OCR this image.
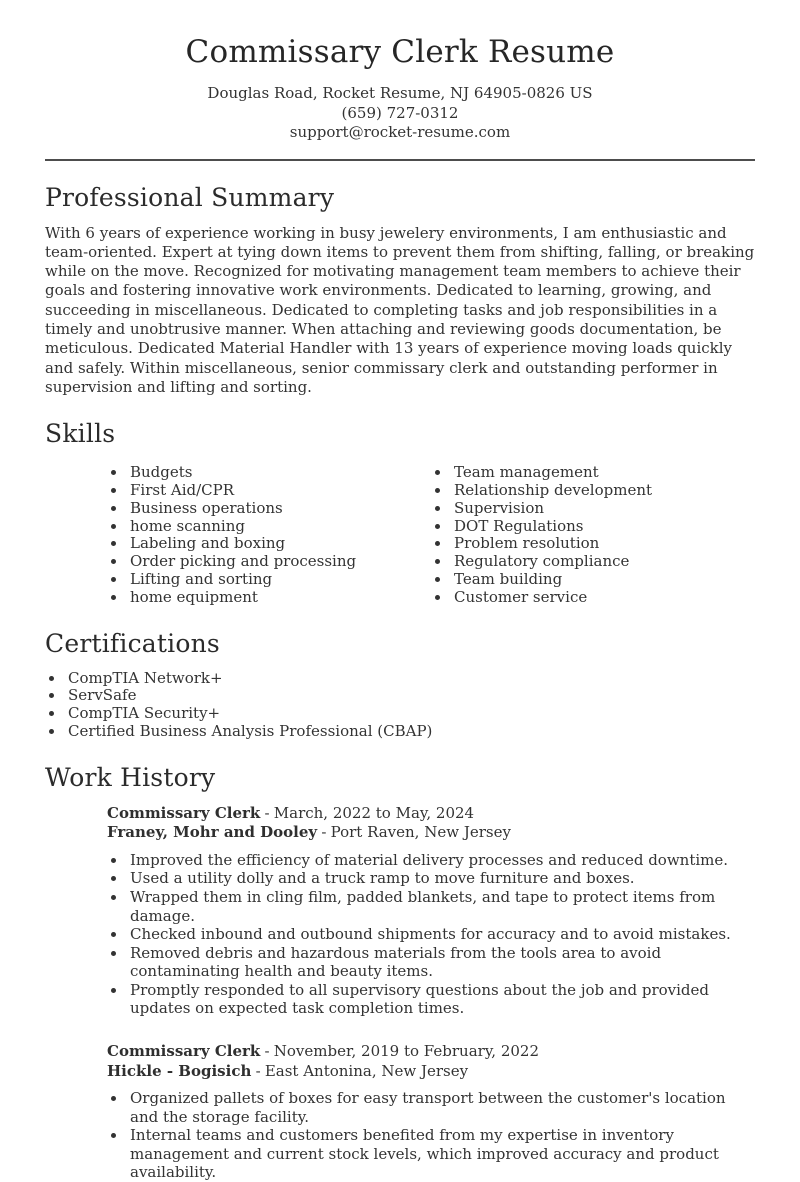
Commissary Clerk Resume
Douglas Road, Rocket Resume, NJ 64905-0826 US
(659) 727-0312
support@rocket-resume.com
Professional Summary

With 6 years of experience working in busy jewelery environments, I am enthusiastic and team-oriented. Expert at tying down items to prevent them from shifting, falling, or breaking while on the move. Recognized for motivating management team members to achieve their goals and fostering innovative work environments. Dedicated to learning, growing, and succeeding in miscellaneous. Dedicated to completing tasks and job responsibilities in a timely and unobtrusive manner. When attaching and reviewing goods documentation, be meticulous. Dedicated Material Handler with 13 years of experience moving loads quickly and safely. Within miscellaneous, senior commissary clerk and outstanding performer in supervision and lifting and sorting.

Skills
• Budgets
• First Aid/CPR
• Business operations
• home scanning
• Labeling and boxing
• Order picking and processing
• Lifting and sorting
• home equipment
• Team management
• Relationship development
• Supervision
• DOT Regulations
• Problem resolution
• Regulatory compliance
• Team building
• Customer service
Certifications
• CompTIA Network+
• ServSafe
• CompTIA Security+
• Certified Business Analysis Professional (CBAP)
Work History
Commissary Clerk - March, 2022 to May, 2024
Franey, Mohr and Dooley - Port Raven, New Jersey
• Improved the efficiency of material delivery processes and reduced downtime.
• Used a utility dolly and a truck ramp to move furniture and boxes.
• Wrapped them in cling film, padded blankets, and tape to protect items from damage.
• Checked inbound and outbound shipments for accuracy and to avoid mistakes.
• Removed debris and hazardous materials from the tools area to avoid contaminating health and beauty items.
• Promptly responded to all supervisory questions about the job and provided updates on expected task completion times.
Commissary Clerk - November, 2019 to February, 2022
Hickle - Bogisich - East Antonina, New Jersey
• Organized pallets of boxes for easy transport between the customer's location and the storage facility.
• Internal teams and customers benefited from my expertise in inventory management and current stock levels, which improved accuracy and product availability.
